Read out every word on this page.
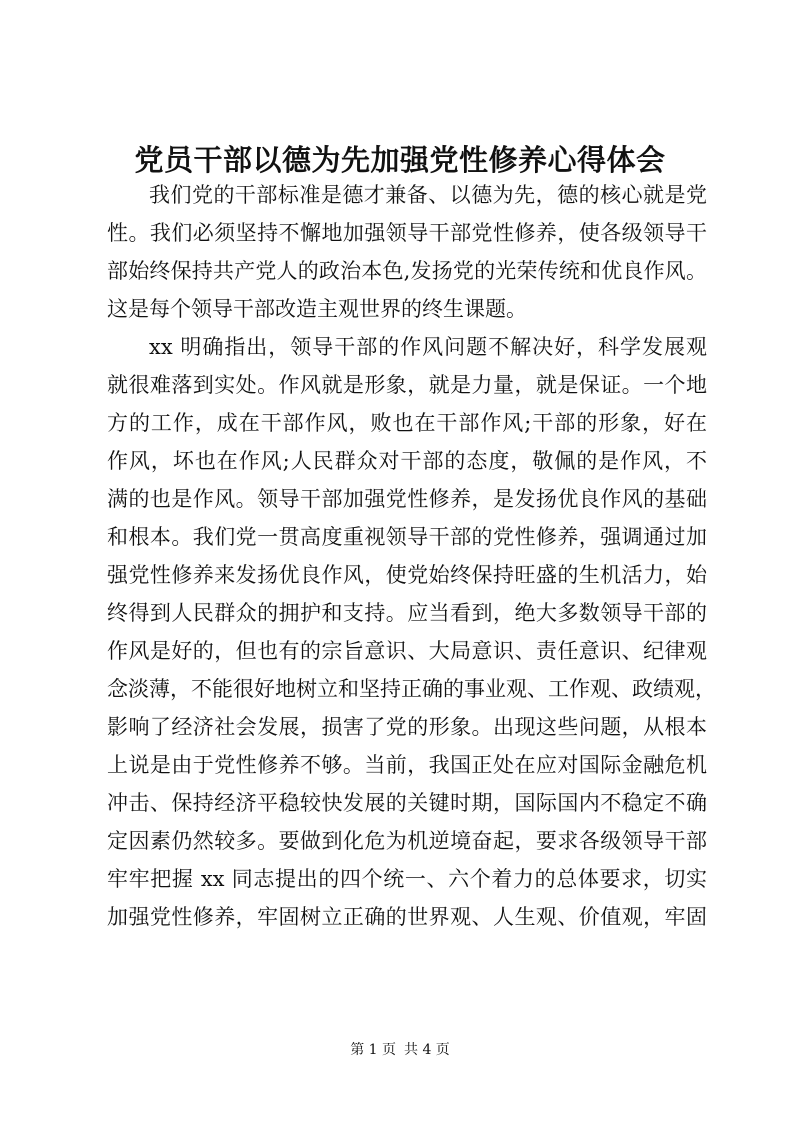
党员干部以德为先加强党性修养心得体会

我们党的干部标准是德才兼备、以德为先，德的核心就是党
性。我们必须坚持不懈地加强领导干部党性修养，使各级领导干
部始终保持共产党人的政治本色,发扬党的光荣传统和优良作风。
这是每个领导干部改造主观世界的终生课题。

xx 明确指出，领导干部的作风问题不解决好，科学发展观
就很难落到实处。作风就是形象，就是力量，就是保证。一个地
方的工作，成在干部作风，败也在干部作风;干部的形象，好在
作风，坏也在作风;人民群众对干部的态度，敬佩的是作风，不
满的也是作风。领导干部加强党性修养，是发扬优良作风的基础
和根本。我们党一贯高度重视领导干部的党性修养，强调通过加
强党性修养来发扬优良作风，使党始终保持旺盛的生机活力，始
终得到人民群众的拥护和支持。应当看到，绝大多数领导干部的
作风是好的，但也有的宗旨意识、大局意识、责任意识、纪律观
念淡薄，不能很好地树立和坚持正确的事业观、工作观、政绩观，
影响了经济社会发展，损害了党的形象。出现这些问题，从根本
上说是由于党性修养不够。当前，我国正处在应对国际金融危机
冲击、保持经济平稳较快发展的关键时期，国际国内不稳定不确
定因素仍然较多。要做到化危为机逆境奋起，要求各级领导干部
牢牢把握 xx 同志提出的四个统一、六个着力的总体要求，切实
加强党性修养，牢固树立正确的世界观、人生观、价值观，牢固

第 1 页 共 4 页
